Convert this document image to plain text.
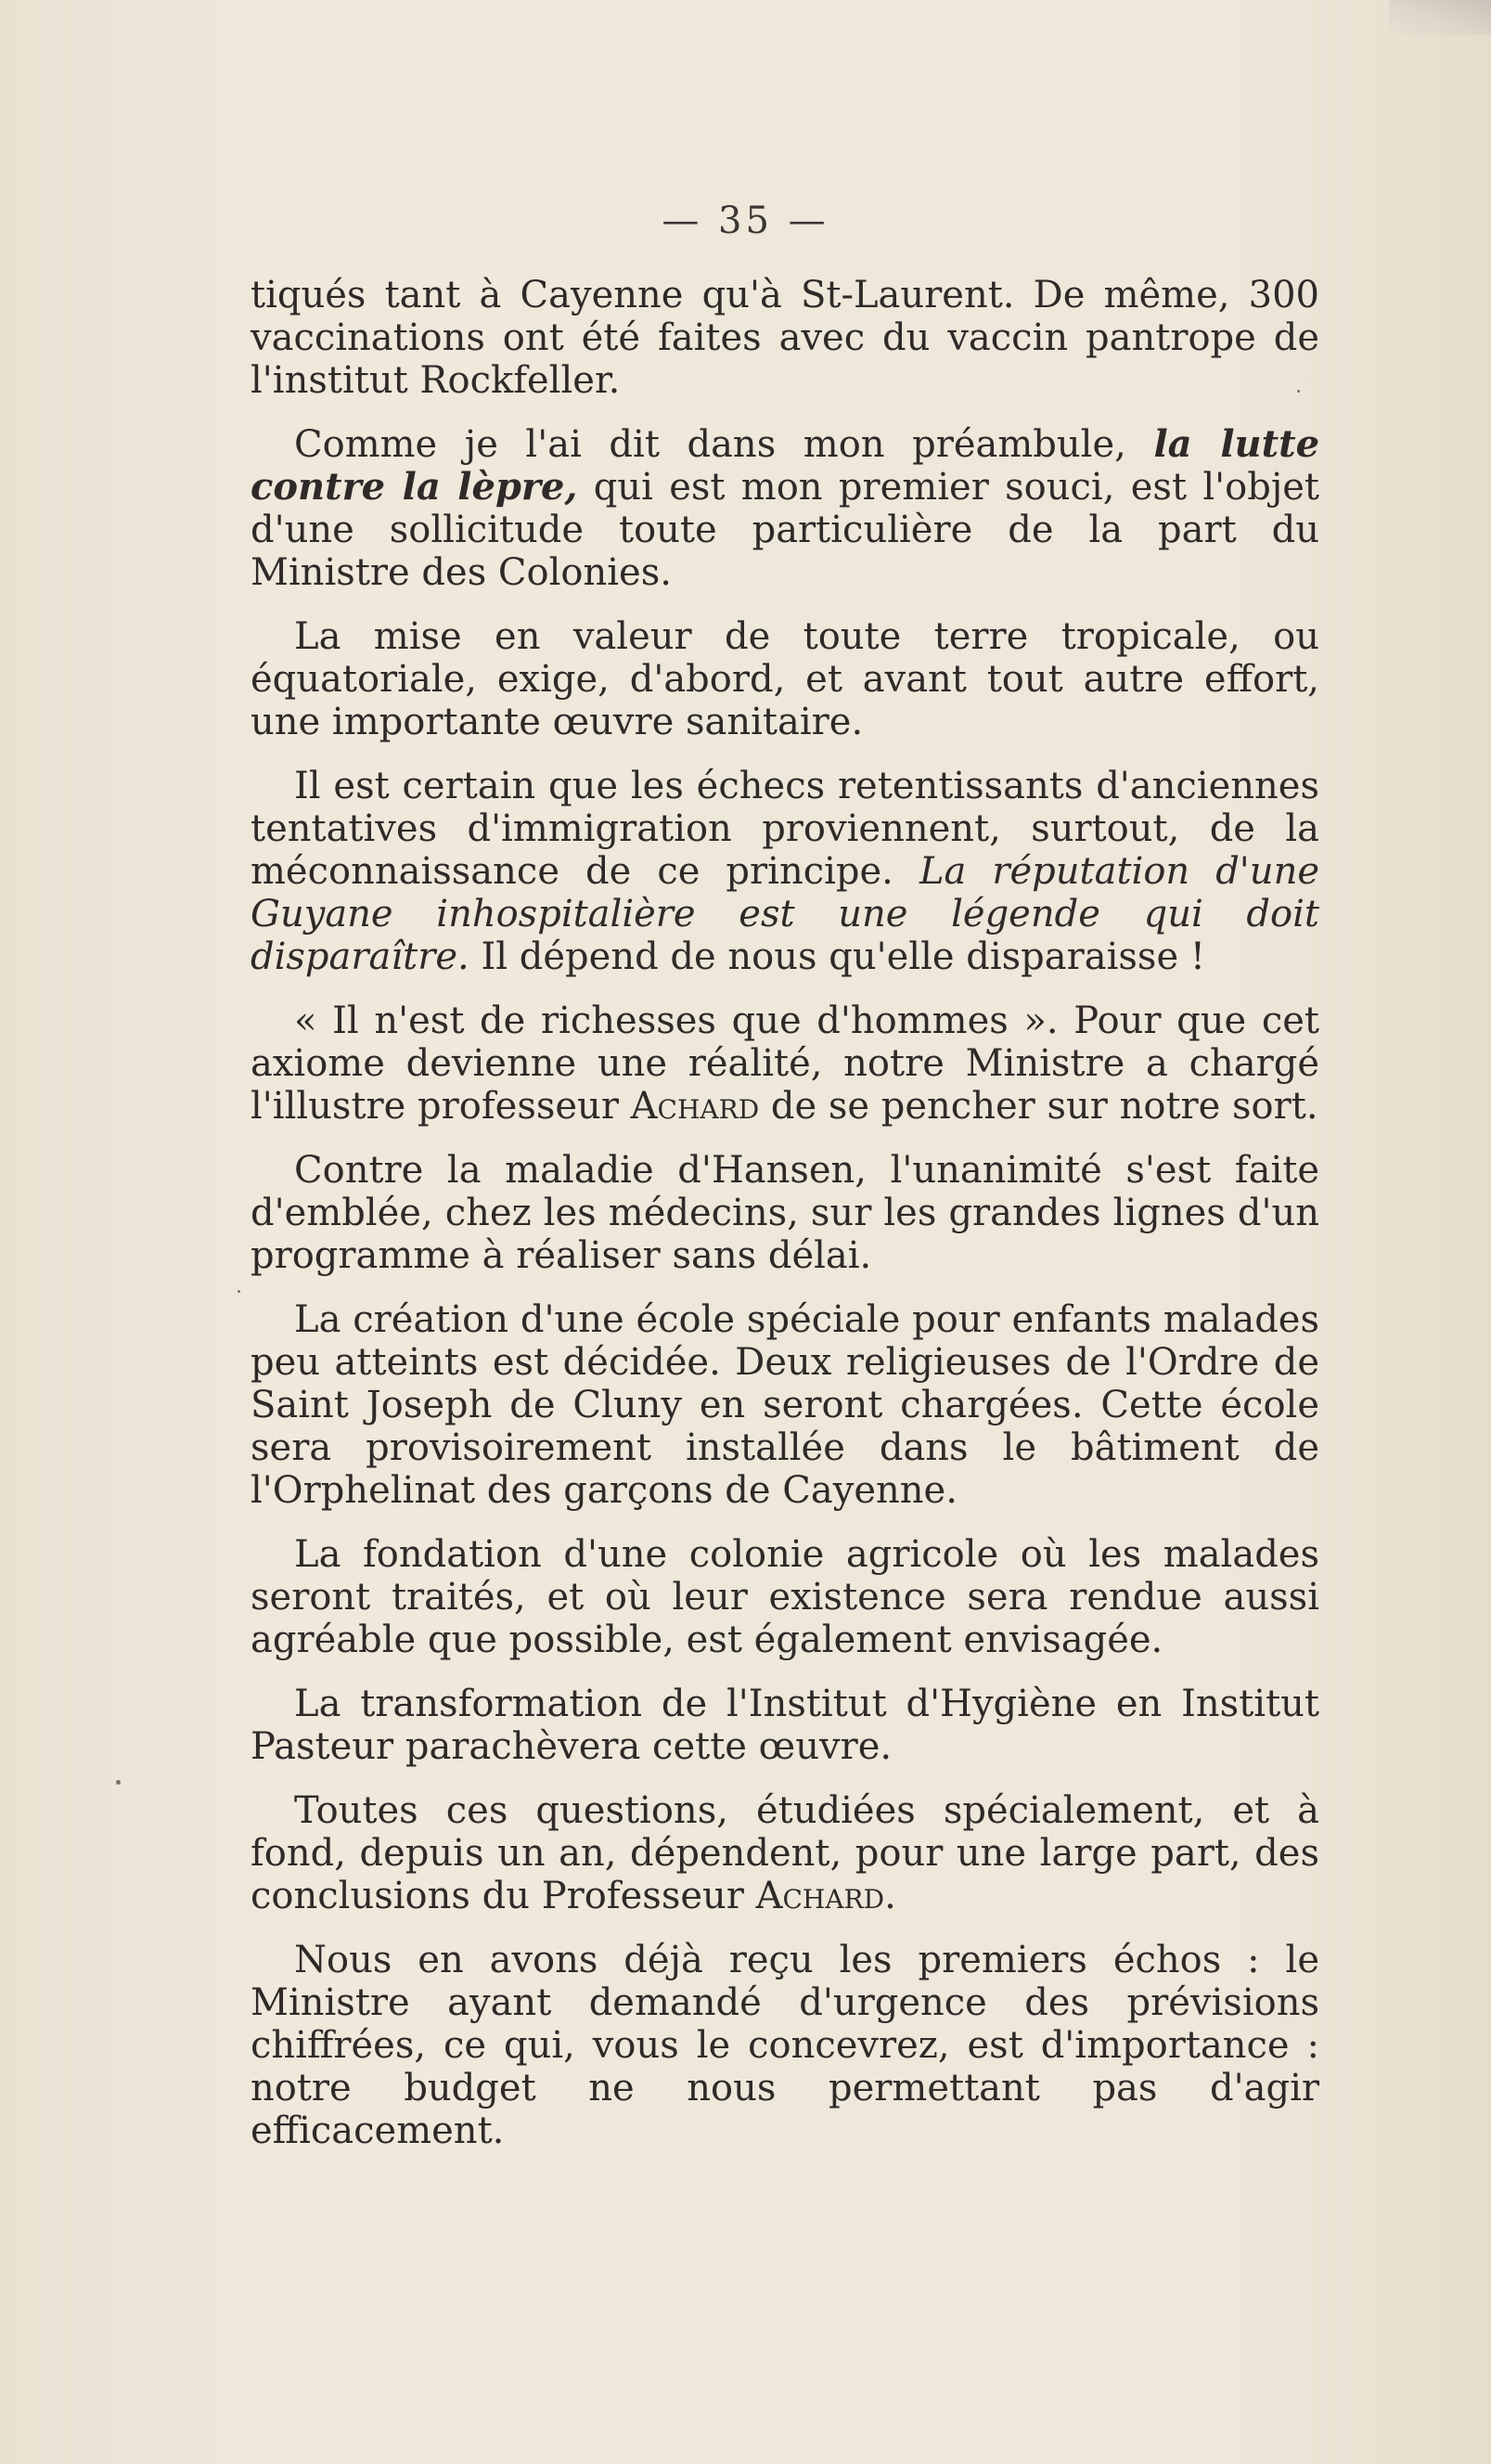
— 35 —

tiqués tant à Cayenne qu'à St-Laurent. De même, 300 vaccinations ont été faites avec du vaccin pantrope de l'institut Rockfeller.

Comme je l'ai dit dans mon préambule, la lutte contre la lèpre, qui est mon premier souci, est l'objet d'une sollicitude toute particulière de la part du Ministre des Colonies.

La mise en valeur de toute terre tropicale, ou équatoriale, exige, d'abord, et avant tout autre effort, une importante œuvre sanitaire.

Il est certain que les échecs retentissants d'anciennes tentatives d'immigration proviennent, surtout, de la méconnaissance de ce principe. La réputation d'une Guyane inhospitalière est une légende qui doit disparaître. Il dépend de nous qu'elle disparaisse !

« Il n'est de richesses que d'hommes ». Pour que cet axiome devienne une réalité, notre Ministre a chargé l'illustre professeur Achard de se pencher sur notre sort.

Contre la maladie d'Hansen, l'unanimité s'est faite d'emblée, chez les médecins, sur les grandes lignes d'un programme à réaliser sans délai.

La création d'une école spéciale pour enfants malades peu atteints est décidée. Deux religieuses de l'Ordre de Saint Joseph de Cluny en seront chargées. Cette école sera provisoirement installée dans le bâtiment de l'Orphelinat des garçons de Cayenne.

La fondation d'une colonie agricole où les malades seront traités, et où leur existence sera rendue aussi agréable que possible, est également envisagée.

La transformation de l'Institut d'Hygiène en Institut Pasteur parachèvera cette œuvre.

Toutes ces questions, étudiées spécialement, et à fond, depuis un an, dépendent, pour une large part, des conclusions du Professeur Achard.

Nous en avons déjà reçu les premiers échos : le Ministre ayant demandé d'urgence des prévisions chiffrées, ce qui, vous le concevrez, est d'importance : notre budget ne nous permettant pas d'agir efficacement.
